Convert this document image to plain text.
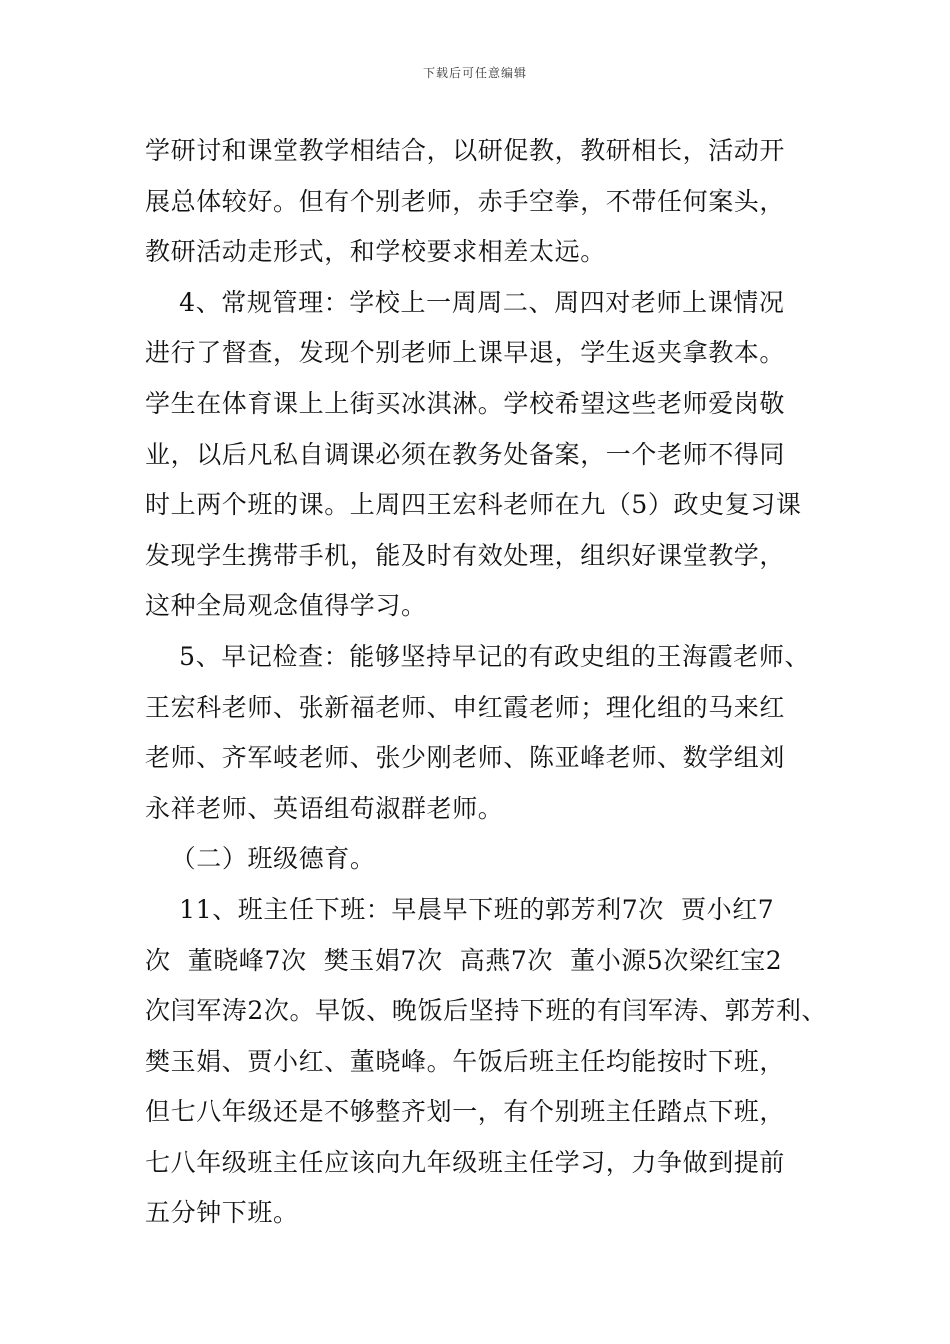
下载后可任意编辑
学研讨和课堂教学相结合，以研促教，教研相长，活动开
展总体较好。但有个别老师，赤手空拳，不带任何案头，
教研活动走形式，和学校要求相差太远。
4、常规管理：学校上一周周二、周四对老师上课情况
进行了督查，发现个别老师上课早退，学生返夹拿教本。
学生在体育课上上街买冰淇淋。学校希望这些老师爱岗敬
业，以后凡私自调课必须在教务处备案，一个老师不得同
时上两个班的课。上周四王宏科老师在九（5）政史复习课
发现学生携带手机，能及时有效处理，组织好课堂教学，
这种全局观念值得学习。
5、早记检查：能够坚持早记的有政史组的王海霞老师、
王宏科老师、张新福老师、申红霞老师；理化组的马来红
老师、齐军岐老师、张少刚老师、陈亚峰老师、数学组刘
永祥老师、英语组苟淑群老师。
（二）班级德育。
11、班主任下班：早晨早下班的郭芳利7次  贾小红7
次  董晓峰7次  樊玉娟7次  高燕7次  董小源5次梁红宝2
次闫军涛2次。早饭、晚饭后坚持下班的有闫军涛、郭芳利、
樊玉娟、贾小红、董晓峰。午饭后班主任均能按时下班，
但七八年级还是不够整齐划一，有个别班主任踏点下班，
七八年级班主任应该向九年级班主任学习，力争做到提前
五分钟下班。
